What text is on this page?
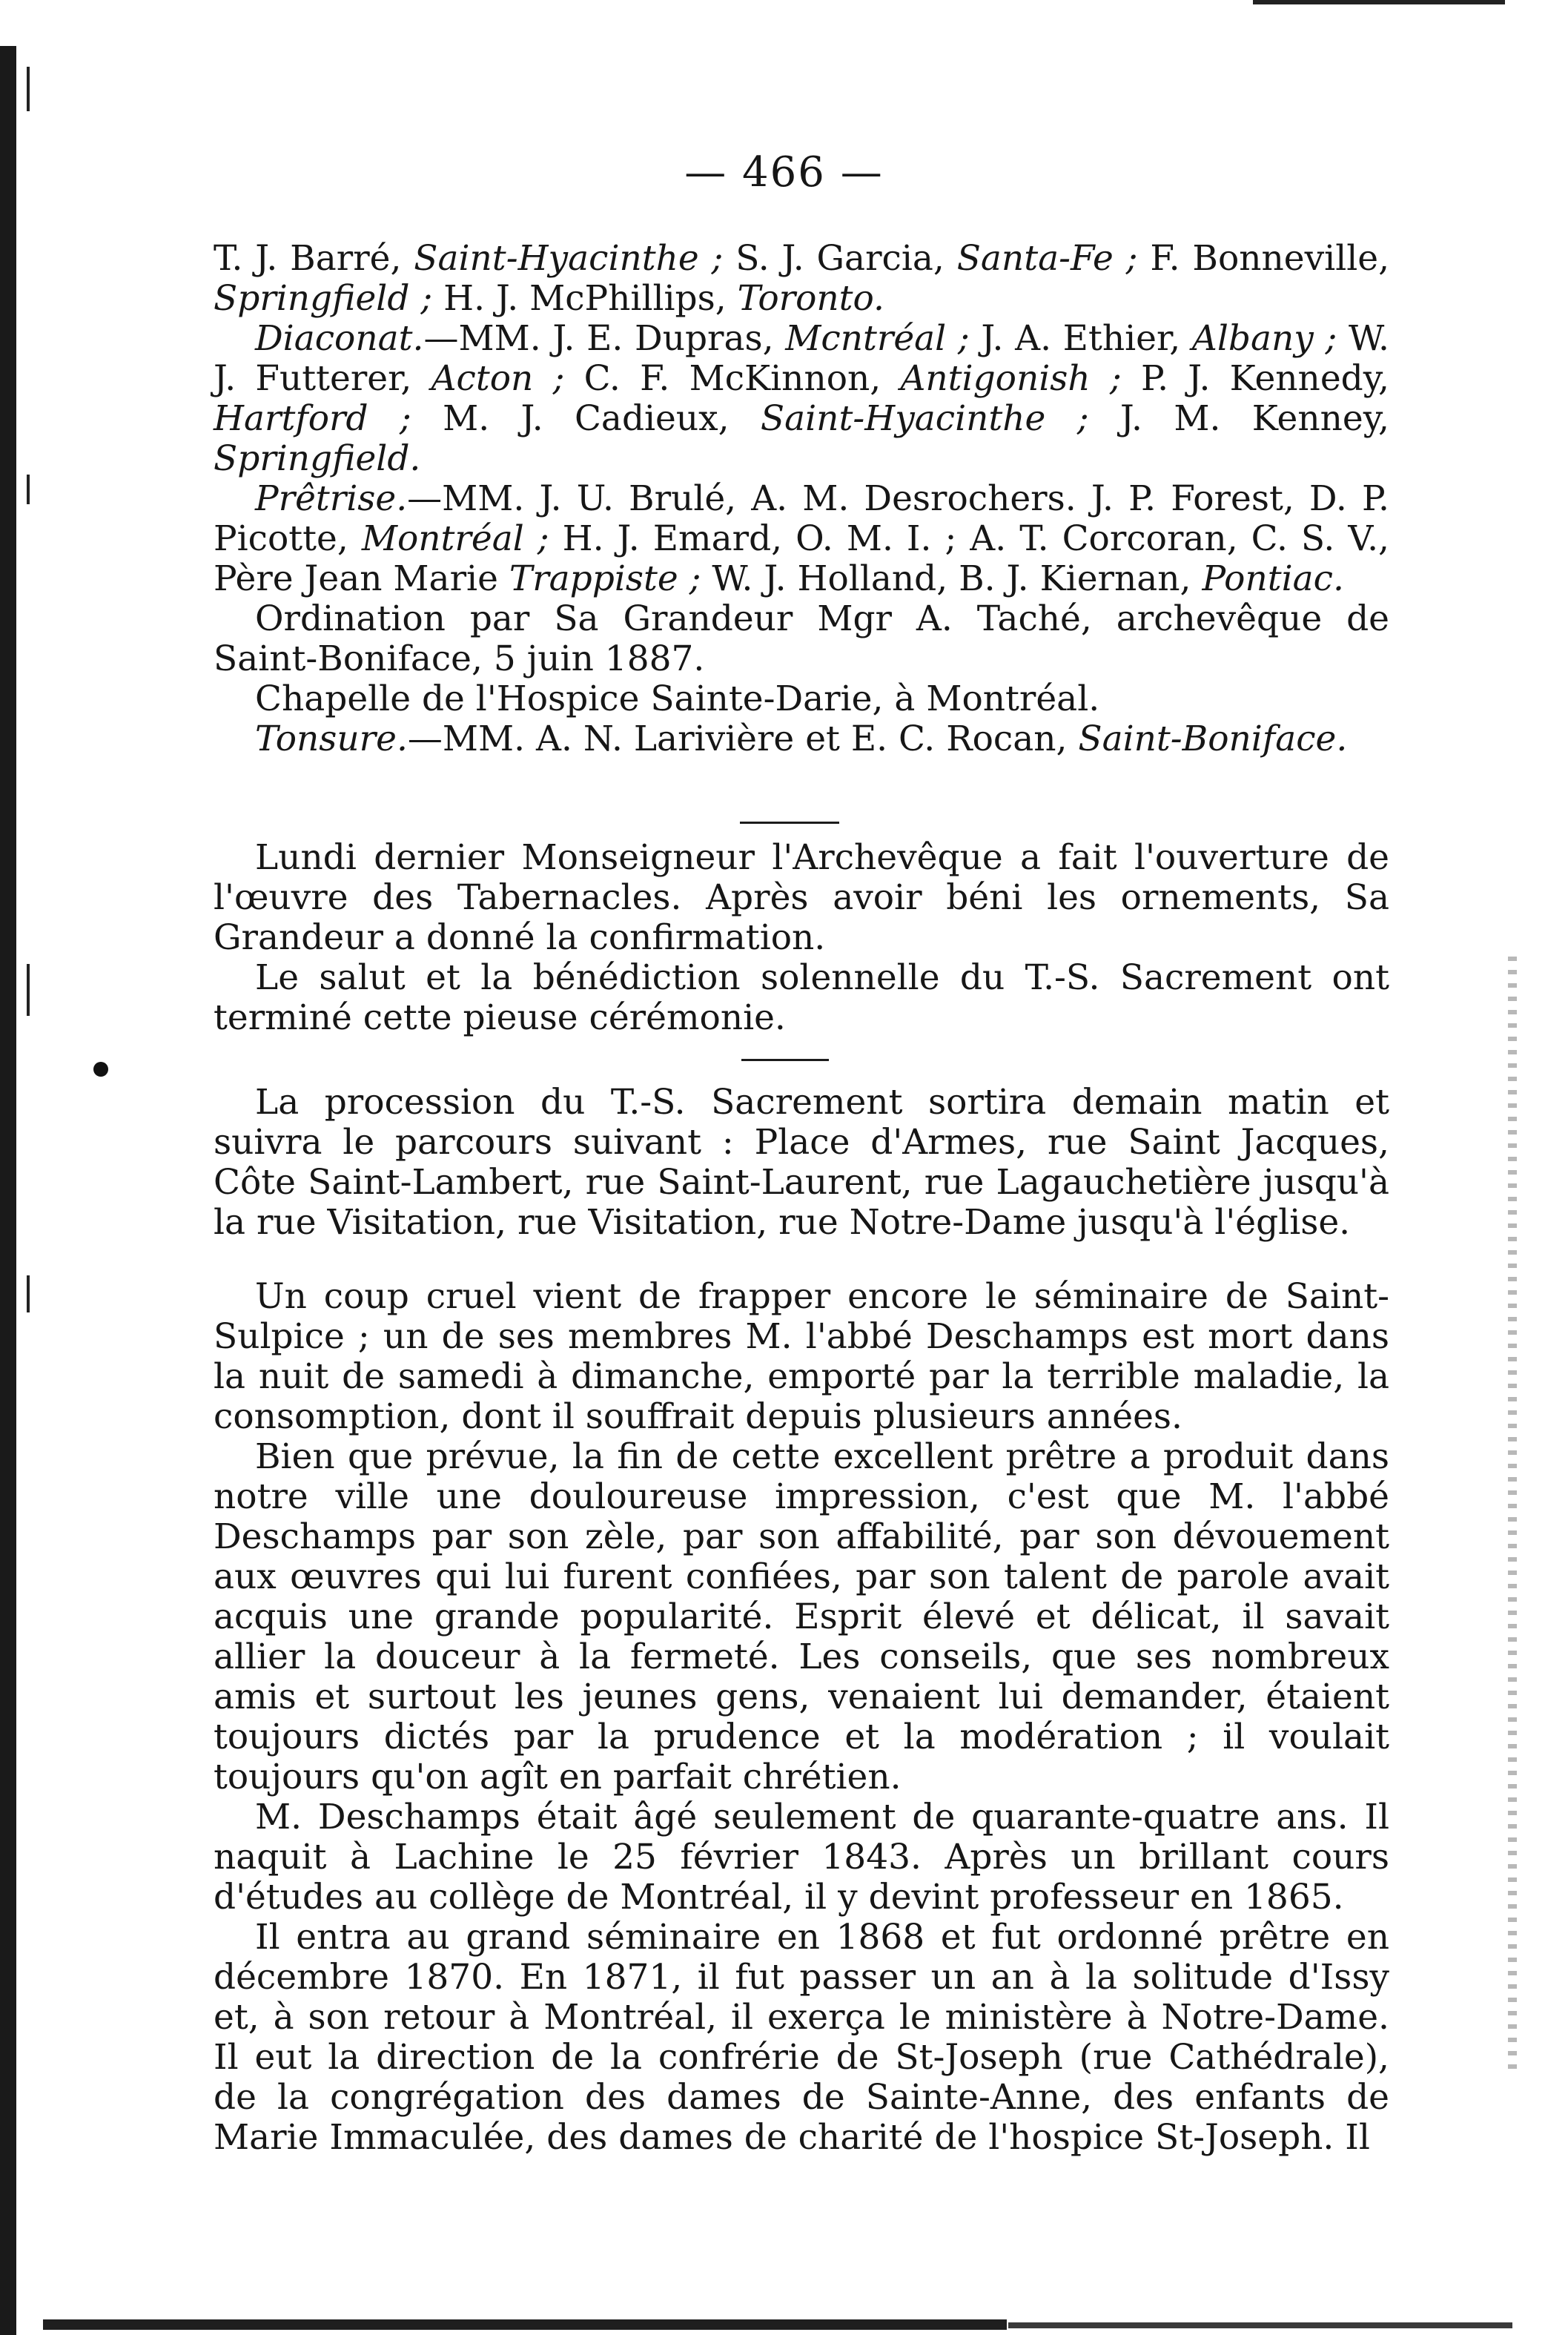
— 466 —

T. J. Barré, Saint-Hyacinthe ; S. J. Garcia, Santa-Fe ; F. Bonneville, Springfield ; H. J. McPhillips, Toronto.

Diaconat.—MM. J. E. Dupras, Mcntréal ; J. A. Ethier, Albany ; W. J. Futterer, Acton ; C. F. McKinnon, Antigonish ; P. J. Kennedy, Hartford ; M. J. Cadieux, Saint-Hyacinthe ; J. M. Kenney, Springfield.

Prêtrise.—MM. J. U. Brulé, A. M. Desrochers. J. P. Forest, D. P. Picotte, Montréal ; H. J. Emard, O. M. I. ; A. T. Corcoran, C. S. V., Père Jean Marie Trappiste ; W. J. Holland, B. J. Kiernan, Pontiac.

Ordination par Sa Grandeur Mgr A. Taché, archevêque de Saint-Boniface, 5 juin 1887.

Chapelle de l'Hospice Sainte-Darie, à Montréal.

Tonsure.—MM. A. N. Larivière et E. C. Rocan, Saint-Boniface.

Lundi dernier Monseigneur l'Archevêque a fait l'ouverture de l'œuvre des Tabernacles. Après avoir béni les ornements, Sa Grandeur a donné la confirmation.

Le salut et la bénédiction solennelle du T.-S. Sacrement ont terminé cette pieuse cérémonie.

La procession du T.-S. Sacrement sortira demain matin et suivra le parcours suivant : Place d'Armes, rue Saint Jacques, Côte Saint-Lambert, rue Saint-Laurent, rue Lagauchetière jusqu'à la rue Visitation, rue Visitation, rue Notre-Dame jusqu'à l'église.

Un coup cruel vient de frapper encore le séminaire de Saint-Sulpice ; un de ses membres M. l'abbé Deschamps est mort dans la nuit de samedi à dimanche, emporté par la terrible maladie, la consomption, dont il souffrait depuis plusieurs années.

Bien que prévue, la fin de cette excellent prêtre a produit dans notre ville une douloureuse impression, c'est que M. l'abbé Deschamps par son zèle, par son affabilité, par son dévouement aux œuvres qui lui furent confiées, par son talent de parole avait acquis une grande popularité. Esprit élevé et délicat, il savait allier la douceur à la fermeté. Les conseils, que ses nombreux amis et surtout les jeunes gens, venaient lui demander, étaient toujours dictés par la prudence et la modération ; il voulait toujours qu'on agît en parfait chrétien.

M. Deschamps était âgé seulement de quarante-quatre ans. Il naquit à Lachine le 25 février 1843. Après un brillant cours d'études au collège de Montréal, il y devint professeur en 1865.

Il entra au grand séminaire en 1868 et fut ordonné prêtre en décembre 1870. En 1871, il fut passer un an à la solitude d'Issy et, à son retour à Montréal, il exerça le ministère à Notre-Dame. Il eut la direction de la confrérie de St-Joseph (rue Cathédrale), de la congrégation des dames de Sainte-Anne, des enfants de Marie Immaculée, des dames de charité de l'hospice St-Joseph. Il
